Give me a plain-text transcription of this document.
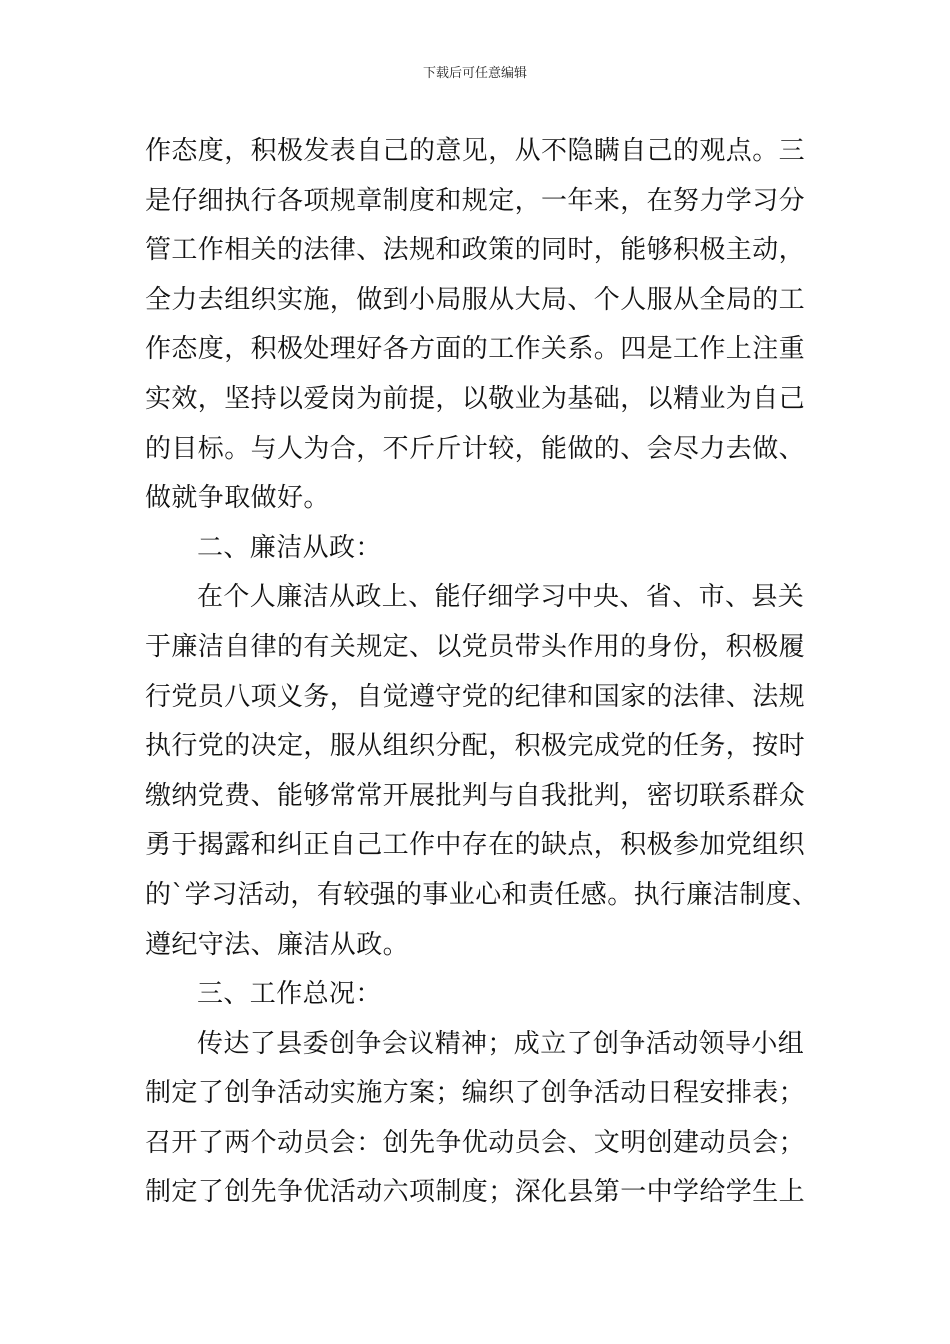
下载后可任意编辑
作态度，积极发表自己的意见，从不隐瞒自己的观点。三
是仔细执行各项规章制度和规定，一年来，在努力学习分
管工作相关的法律、法规和政策的同时，能够积极主动，
全力去组织实施，做到小局服从大局、个人服从全局的工
作态度，积极处理好各方面的工作关系。四是工作上注重
实效，坚持以爱岗为前提，以敬业为基础，以精业为自己
的目标。与人为合，不斤斤计较，能做的、会尽力去做、
做就争取做好。
二、廉洁从政：
在个人廉洁从政上、能仔细学习中央、省、市、县关
于廉洁自律的有关规定、以党员带头作用的身份，积极履
行党员八项义务，自觉遵守党的纪律和国家的法律、法规
执行党的决定，服从组织分配，积极完成党的任务，按时
缴纳党费、能够常常开展批判与自我批判，密切联系群众
勇于揭露和纠正自己工作中存在的缺点，积极参加党组织
的`学习活动，有较强的事业心和责任感。执行廉洁制度、
遵纪守法、廉洁从政。
三、工作总况：
传达了县委创争会议精神；成立了创争活动领导小组
制定了创争活动实施方案；编织了创争活动日程安排表；
召开了两个动员会：创先争优动员会、文明创建动员会；
制定了创先争优活动六项制度；深化县第一中学给学生上
